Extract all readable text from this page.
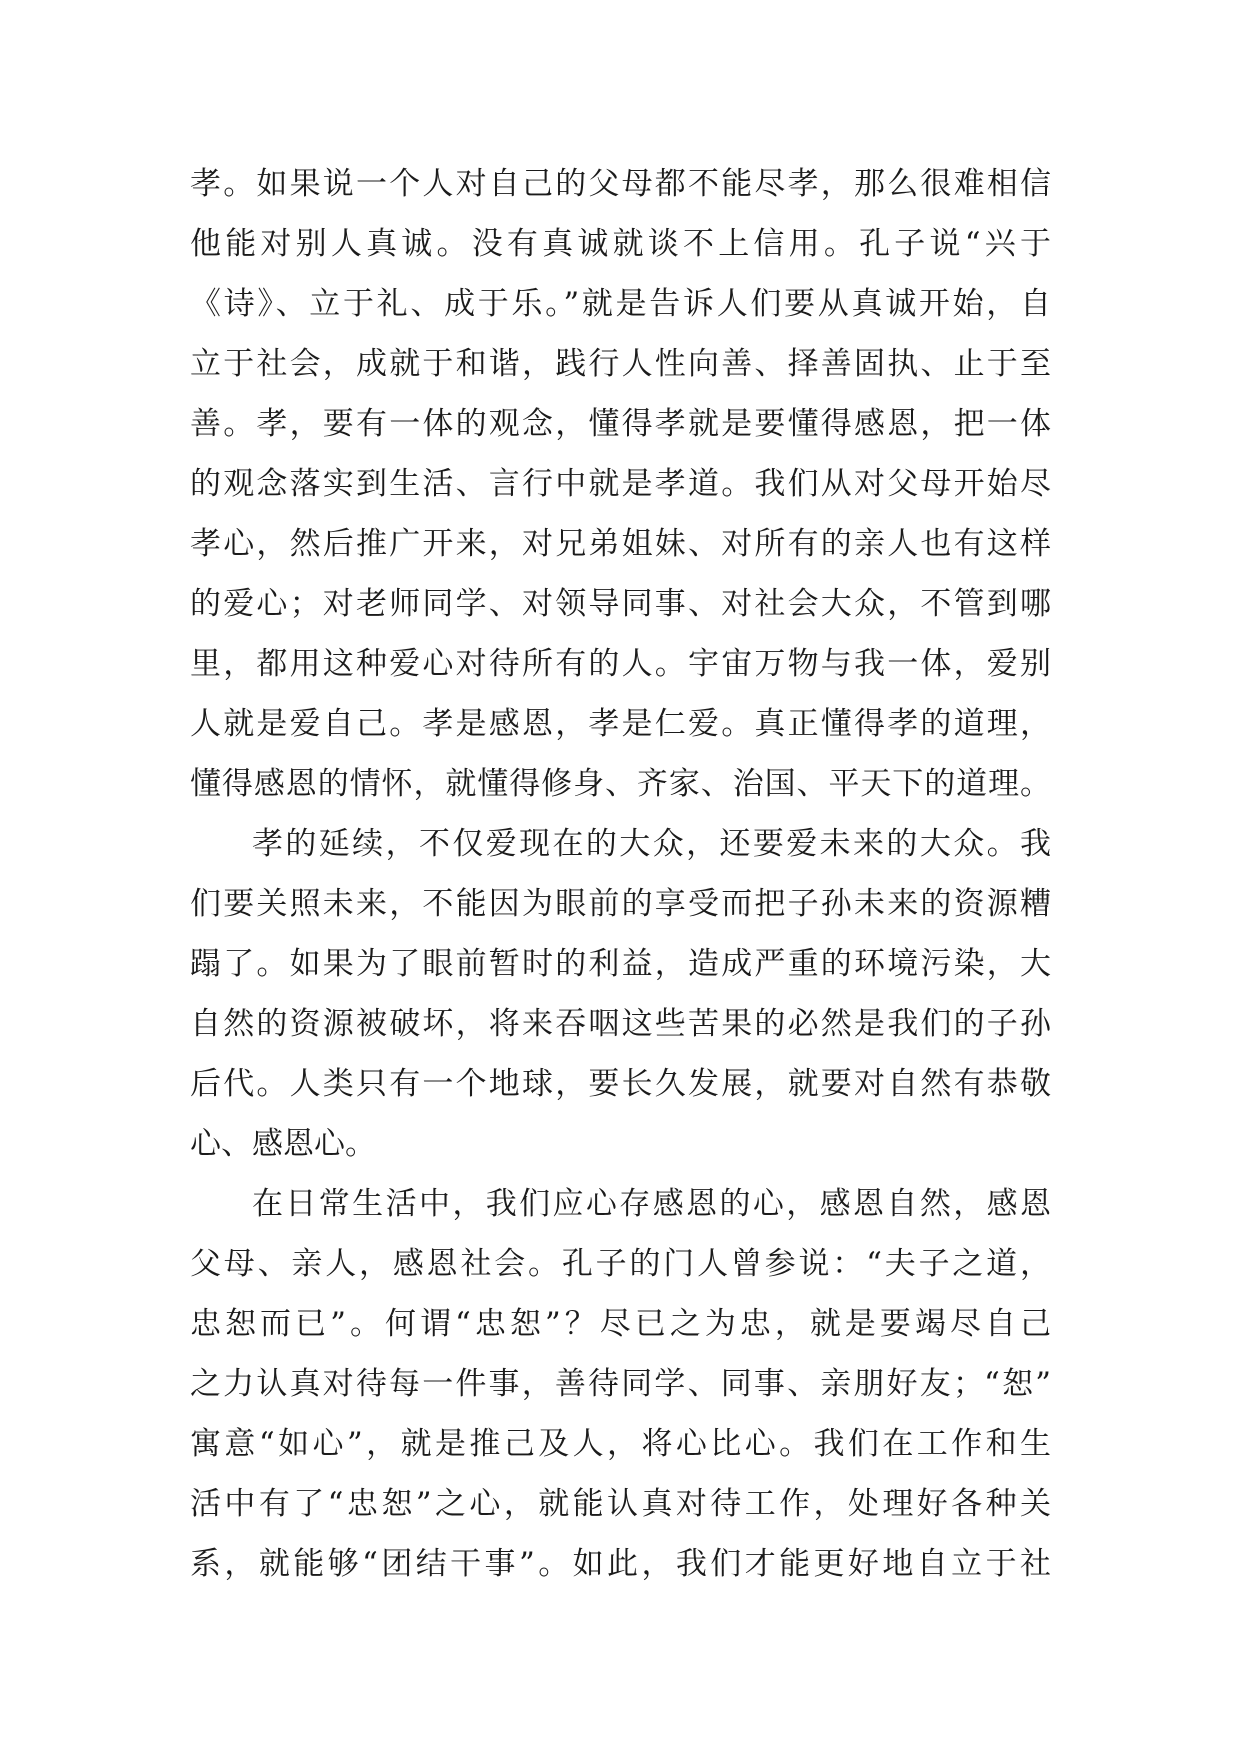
孝。如果说一个人对自己的父母都不能尽孝，那么很难相信
他能对别人真诚。没有真诚就谈不上信用。孔子说“兴于
《诗》、立于礼、成于乐。”就是告诉人们要从真诚开始，自
立于社会，成就于和谐，践行人性向善、择善固执、止于至
善。孝，要有一体的观念，懂得孝就是要懂得感恩，把一体
的观念落实到生活、言行中就是孝道。我们从对父母开始尽
孝心，然后推广开来，对兄弟姐妹、对所有的亲人也有这样
的爱心；对老师同学、对领导同事、对社会大众，不管到哪
里，都用这种爱心对待所有的人。宇宙万物与我一体，爱别
人就是爱自己。孝是感恩，孝是仁爱。真正懂得孝的道理，
懂得感恩的情怀，就懂得修身、齐家、治国、平天下的道理。
孝的延续，不仅爱现在的大众，还要爱未来的大众。我
们要关照未来，不能因为眼前的享受而把子孙未来的资源糟
蹋了。如果为了眼前暂时的利益，造成严重的环境污染，大
自然的资源被破坏，将来吞咽这些苦果的必然是我们的子孙
后代。人类只有一个地球，要长久发展，就要对自然有恭敬
心、感恩心。
在日常生活中，我们应心存感恩的心，感恩自然，感恩
父母、亲人，感恩社会。孔子的门人曾参说：“夫子之道，
忠恕而已”。何谓“忠恕”？尽已之为忠，就是要竭尽自己
之力认真对待每一件事，善待同学、同事、亲朋好友；“恕”
寓意“如心”，就是推己及人，将心比心。我们在工作和生
活中有了“忠恕”之心，就能认真对待工作，处理好各种关
系，就能够“团结干事”。如此，我们才能更好地自立于社
